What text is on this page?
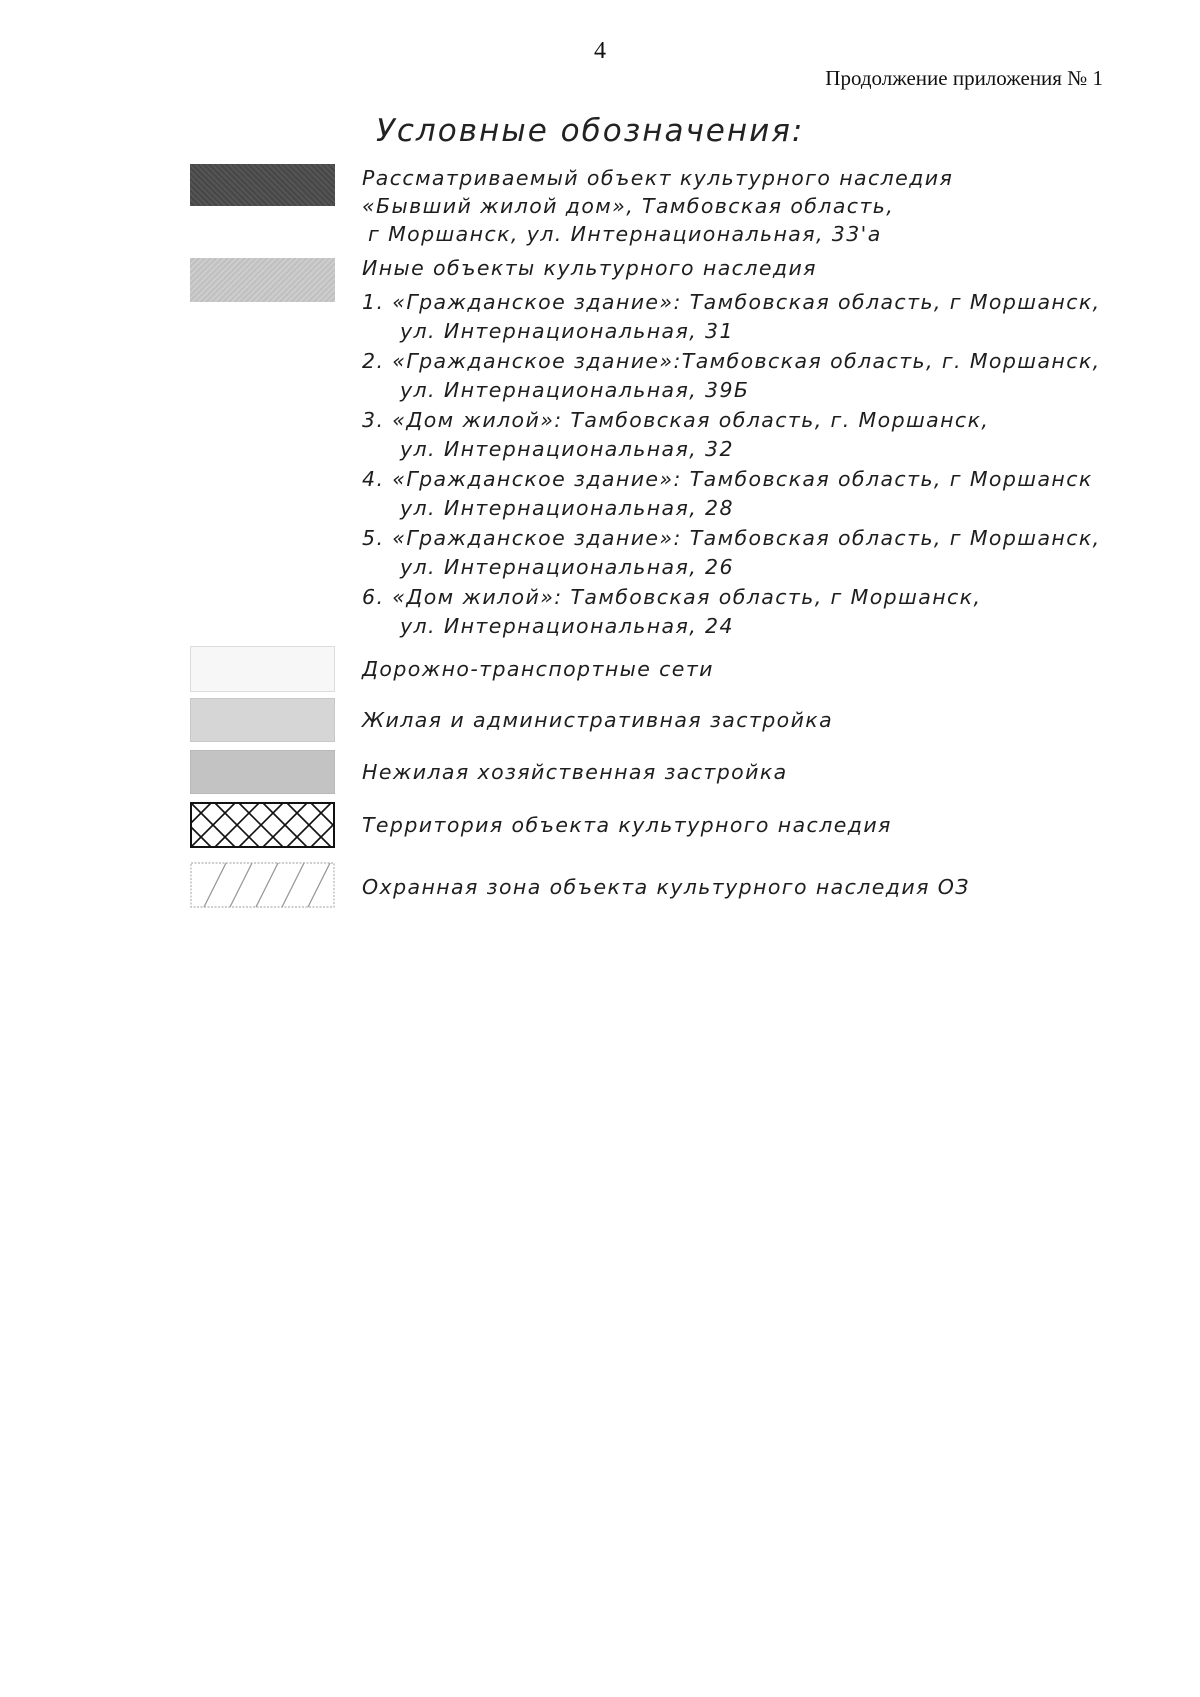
4
Продолжение приложения № 1
Условные обозначения:
Рассматриваемый объект культурного наследия
«Бывший жилой дом», Тамбовская область,
г Моршанск, ул. Интернациональная, 33'а
Иные объекты культурного наследия
1. «Гражданское здание»: Тамбовская область, г Моршанск,
ул. Интернациональная, 31
2. «Гражданское здание»:Тамбовская область, г. Моршанск,
ул. Интернациональная, 39Б
3. «Дом жилой»: Тамбовская область, г. Моршанск,
ул. Интернациональная, 32
4. «Гражданское здание»: Тамбовская область, г Моршанск
ул. Интернациональная, 28
5. «Гражданское здание»: Тамбовская область, г Моршанск,
ул. Интернациональная, 26
6. «Дом жилой»: Тамбовская область, г Моршанск,
ул. Интернациональная, 24
Дорожно-транспортные сети
Жилая и административная застройка
Нежилая хозяйственная застройка
Территория объекта культурного наследия
Охранная зона объекта культурного наследия ОЗ
